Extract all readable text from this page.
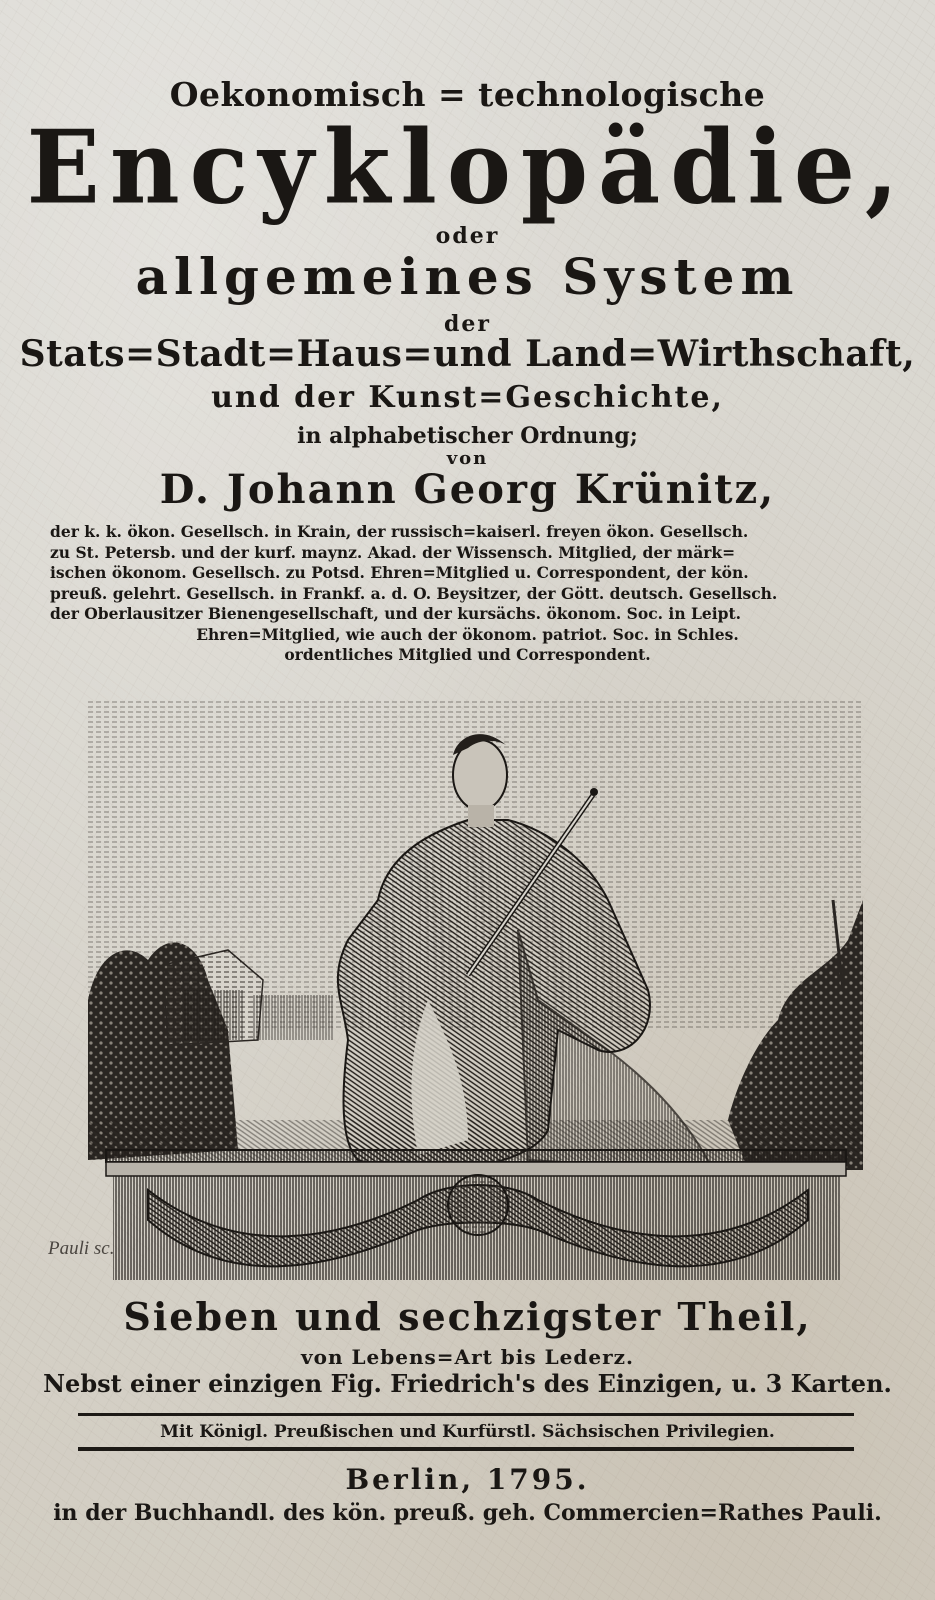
Oekonomisch = technologische
Encyklopädie,
oder
allgemeines System
der
Stats=Stadt=Haus=und Land=Wirthschaft,
und der Kunst=Geschichte,
in alphabetischer Ordnung;
von
D. Johann Georg Krünitz,
der k. k. ökon. Gesellsch. in Krain, der russisch=kaiserl. freyen ökon. Gesellsch.
zu St. Petersb. und der kurf. maynz. Akad. der Wissensch. Mitglied, der märk=
ischen ökonom. Gesellsch. zu Potsd. Ehren=Mitglied u. Correspondent, der kön.
preuß. gelehrt. Gesellsch. in Frankf. a. d. O. Beysitzer, der Gött. deutsch. Gesellsch.
der Oberlausitzer Bienengesellschaft, und der kursächs. ökonom. Soc. in Leipt.
Ehren=Mitglied, wie auch der ökonom. patriot. Soc. in Schles.
ordentliches Mitglied und Correspondent.
Pauli sc.
Sieben und sechzigster Theil,
von Lebens=Art bis Lederz.
Nebst einer einzigen Fig. Friedrich's des Einzigen, u. 3 Karten.
Mit Königl. Preußischen und Kurfürstl. Sächsischen Privilegien.
Berlin, 1795.
in der Buchhandl. des kön. preuß. geh. Commercien=Rathes Pauli.
